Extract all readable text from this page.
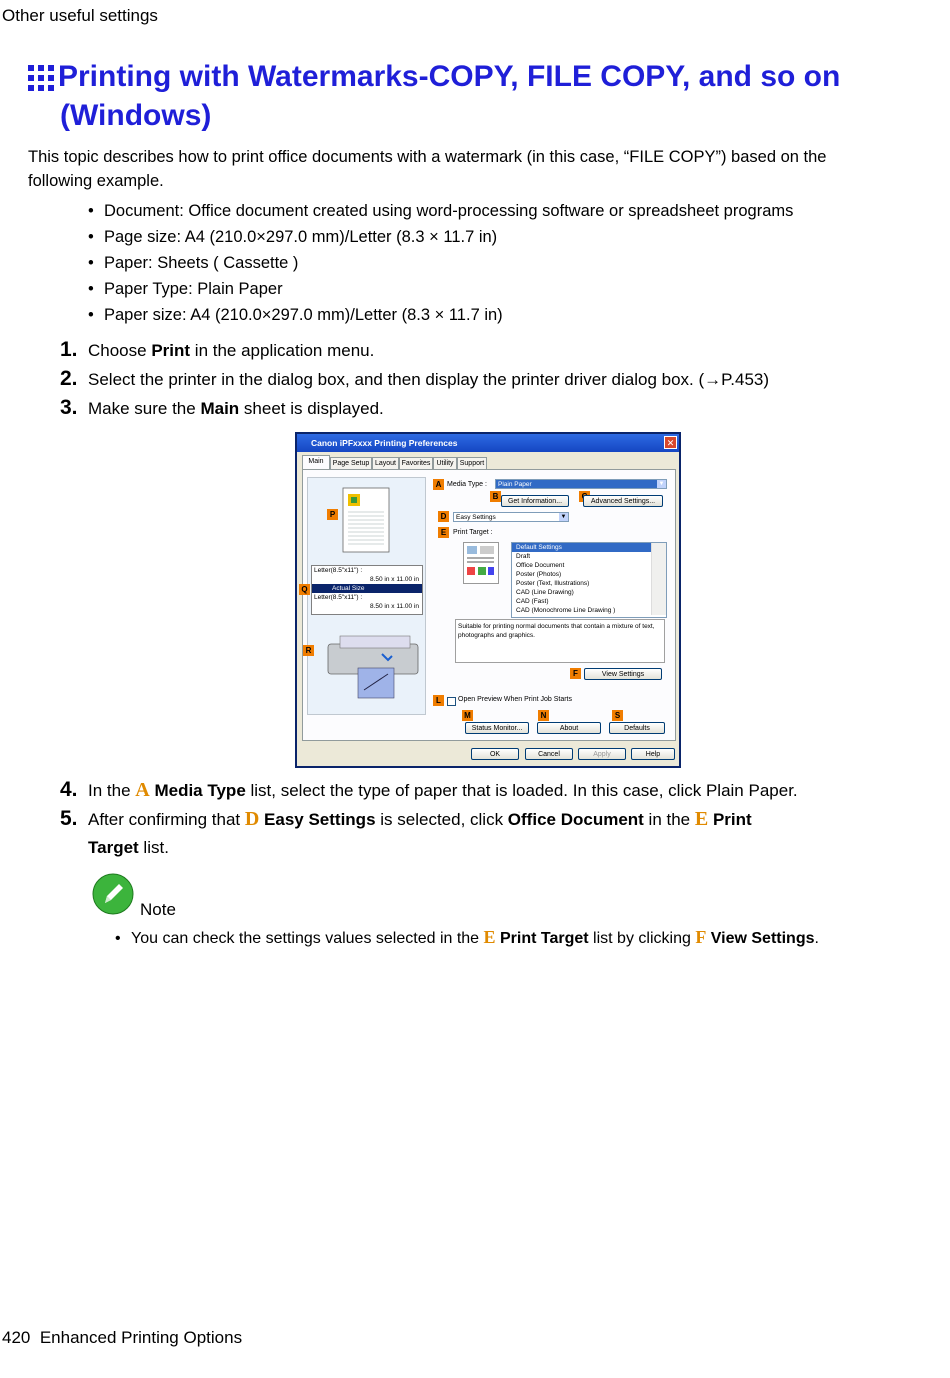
Other useful settings
Printing with Watermarks-COPY, FILE COPY, and so on
(Windows)
This topic describes how to print office documents with a watermark (in this case, “FILE COPY”) based on the following example.
• Document: Office document created using word-processing software or spreadsheet programs
• Page size: A4 (210.0×297.0 mm)/Letter (8.3 × 11.7 in)
• Paper: Sheets ( Cassette )
• Paper Type: Plain Paper
• Paper size: A4 (210.0×297.0 mm)/Letter (8.3 × 11.7 in)
1. Choose Print in the application menu.
2. Select the printer in the dialog box, and then display the printer driver dialog box. (→P.453)
3. Make sure the Main sheet is displayed.
Canon iPFxxxx Printing Preferences	✕
Main	Page Setup Layout Favorites Utility Support
Letter(8.5"x11") :
8.50 in x 11.00 in
Actual Size
Letter(8.5"x11") :
8.50 in x 11.00 in
P
Q
R
A Media Type :	Plain Paper	▼
B
Get Information...	Advanced Settings...
D	Easy Settings	▼
E Print Target :
Default Settings
Draft
Office Document
Poster (Photos)
Poster (Text, Illustrations)
CAD (Line Drawing)
CAD (Fast)
CAD (Monochrome Line Drawing )
Suitable for printing normal documents that contain a mixture of text, photographs and graphics.
F	View Settings
L	Open Preview When Print Job Starts
M	N	S
Status Monitor...	About	Defaults
OK	Cancel	Apply	Help
4. In the A Media Type list, select the type of paper that is loaded. In this case, click Plain Paper.
5. After confirming that D Easy Settings is selected, click Office Document in the E Print
Target list.
Note
• You can check the settings values selected in the E Print Target list by clicking F View Settings.
420 Enhanced Printing Options
